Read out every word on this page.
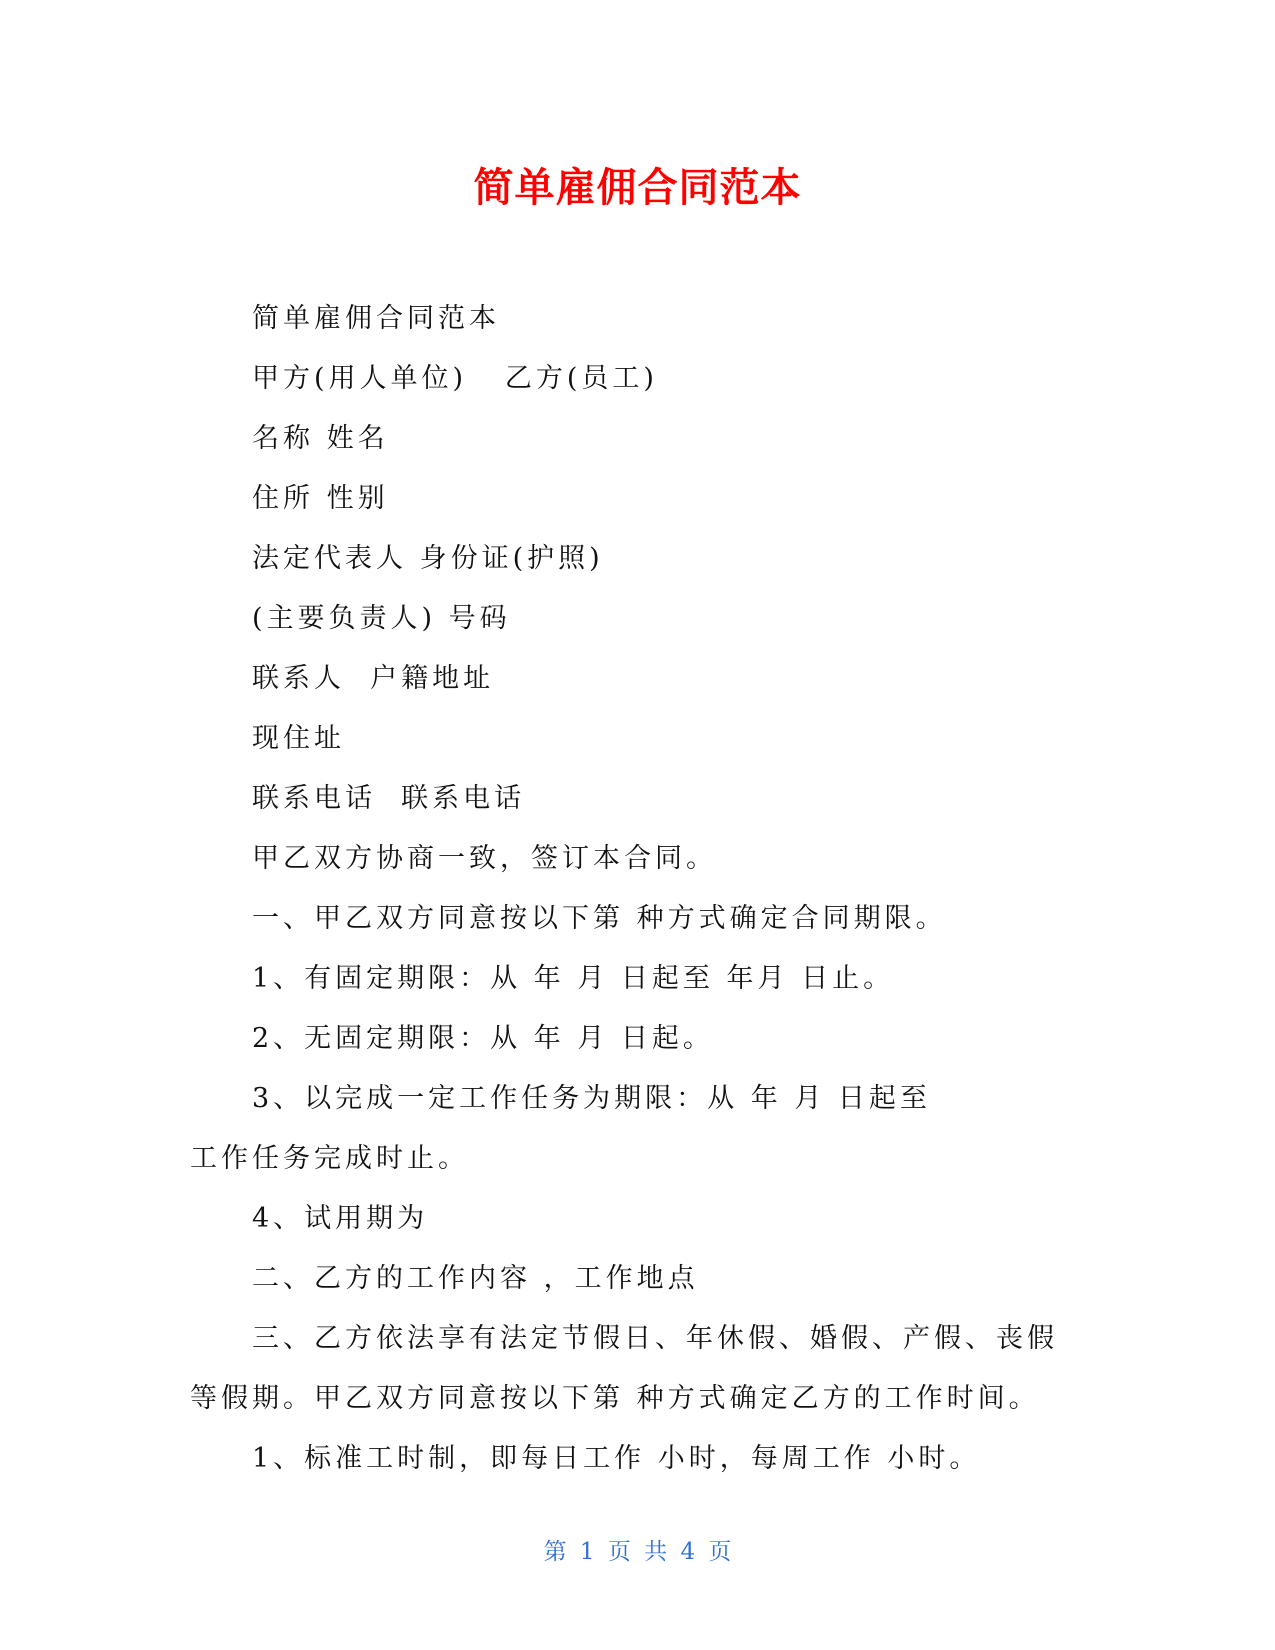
简单雇佣合同范本
简单雇佣合同范本
甲方(用人单位)   乙方(员工)
名称 姓名
住所 性别
法定代表人 身份证(护照)
(主要负责人) 号码
联系人  户籍地址
现住址
联系电话  联系电话
甲乙双方协商一致，签订本合同。
一、甲乙双方同意按以下第 种方式确定合同期限。
1、有固定期限：从 年 月 日起至 年月 日止。
2、无固定期限：从 年 月 日起。
3、以完成一定工作任务为期限：从 年 月 日起至
工作任务完成时止。
4、试用期为
二、乙方的工作内容 ，工作地点
三、乙方依法享有法定节假日、年休假、婚假、产假、丧假
等假期。甲乙双方同意按以下第 种方式确定乙方的工作时间。
1、标准工时制，即每日工作 小时，每周工作 小时。
第 1 页 共 4 页
